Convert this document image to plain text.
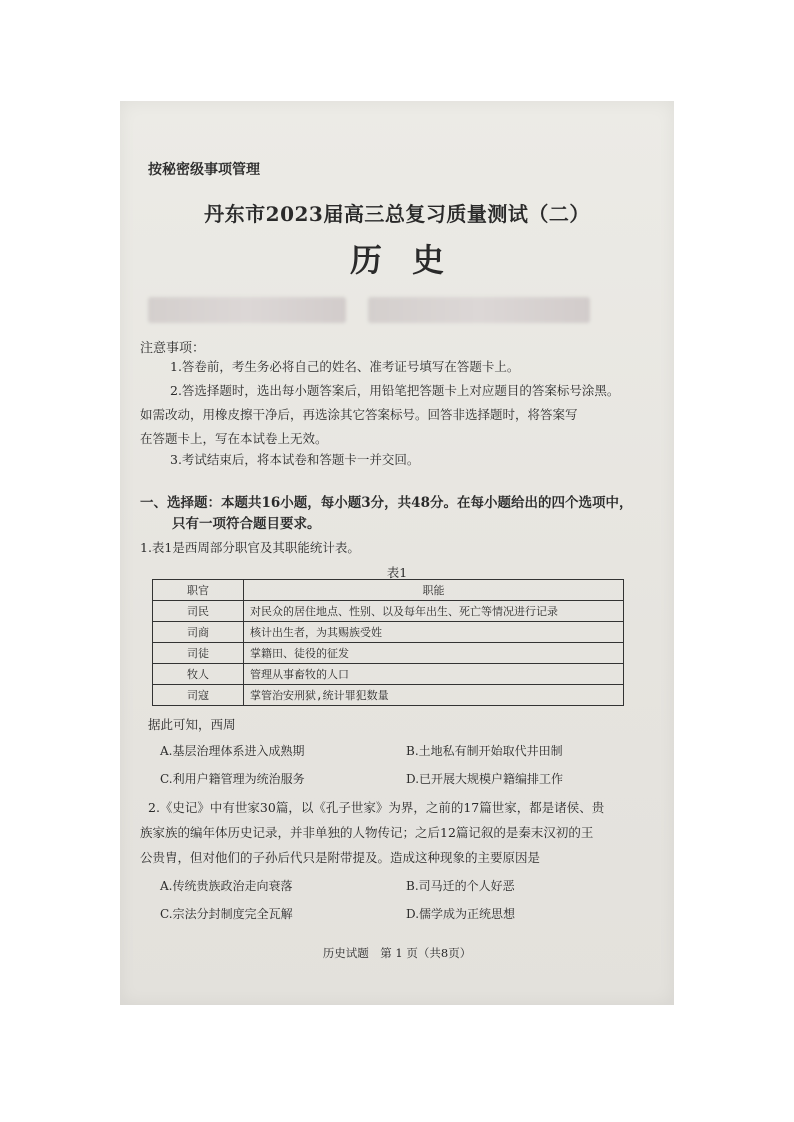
按秘密级事项管理
丹东市2023届高三总复习质量测试（二）
历史
注意事项：
1.答卷前，考生务必将自己的姓名、准考证号填写在答题卡上。
2.答选择题时，选出每小题答案后，用铅笔把答题卡上对应题目的答案标号涂黑。
如需改动，用橡皮擦干净后，再选涂其它答案标号。回答非选择题时，将答案写
在答题卡上，写在本试卷上无效。
3.考试结束后，将本试卷和答题卡一并交回。
一、选择题：本题共16小题，每小题3分，共48分。在每小题给出的四个选项中，
只有一项符合题目要求。
1.表1是西周部分职官及其职能统计表。
表1
职官	职能
司民	对民众的居住地点、性别、以及每年出生、死亡等情况进行记录
司商	核计出生者，为其赐族受姓
司徒	掌籍田、徒役的征发
牧人	管理从事畜牧的人口
司寇	掌管治安刑狱,统计罪犯数量
据此可知，西周
A.基层治理体系进入成熟期	B.土地私有制开始取代井田制
C.利用户籍管理为统治服务	D.已开展大规模户籍编排工作
2.《史记》中有世家30篇，以《孔子世家》为界，之前的17篇世家，都是诸侯、贵
族家族的编年体历史记录，并非单独的人物传记；之后12篇记叙的是秦末汉初的王
公贵胄，但对他们的子孙后代只是附带提及。造成这种现象的主要原因是
A.传统贵族政治走向衰落	B.司马迁的个人好恶
C.宗法分封制度完全瓦解	D.儒学成为正统思想
历史试题　第 1 页（共8页）
